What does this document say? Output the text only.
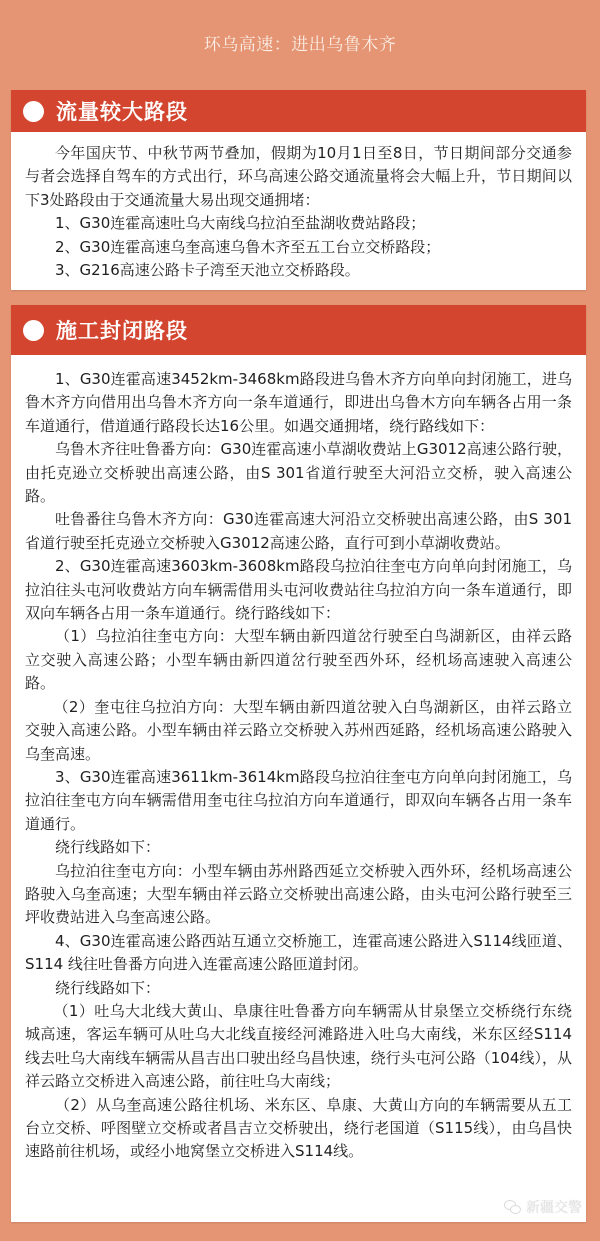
环乌高速：进出乌鲁木齐
流量较大路段

今年国庆节、中秋节两节叠加，假期为10月1日至8日，节日期间部分交通参与者会选择自驾车的方式出行，环乌高速公路交通流量将会大幅上升，节日期间以下3处路段由于交通流量大易出现交通拥堵：

1、G30连霍高速吐乌大南线乌拉泊至盐湖收费站路段；

2、G30连霍高速乌奎高速乌鲁木齐至五工台立交桥路段；

3、G216高速公路卡子湾至天池立交桥路段。

施工封闭路段

1、G30连霍高速3452km-3468km路段进乌鲁木齐方向单向封闭施工，进乌鲁木齐方向借用出乌鲁木齐方向一条车道通行，即进出乌鲁木方向车辆各占用一条车道通行，借道通行路段长达16公里。如遇交通拥堵，绕行路线如下：

乌鲁木齐往吐鲁番方向：G30连霍高速小草湖收费站上G3012高速公路行驶，由托克逊立交桥驶出高速公路，由S 301省道行驶至大河沿立交桥，驶入高速公路。

吐鲁番往乌鲁木齐方向：G30连霍高速大河沿立交桥驶出高速公路，由S 301省道行驶至托克逊立交桥驶入G3012高速公路，直行可到小草湖收费站。

2、G30连霍高速3603km-3608km路段乌拉泊往奎屯方向单向封闭施工，乌拉泊往头屯河收费站方向车辆需借用头屯河收费站往乌拉泊方向一条车道通行，即双向车辆各占用一条车道通行。绕行路线如下：

（1）乌拉泊往奎屯方向：大型车辆由新四道岔行驶至白鸟湖新区，由祥云路立交驶入高速公路；小型车辆由新四道岔行驶至西外环，经机场高速驶入高速公路。

（2）奎屯往乌拉泊方向：大型车辆由新四道岔驶入白鸟湖新区，由祥云路立交驶入高速公路。小型车辆由祥云路立交桥驶入苏州西延路，经机场高速公路驶入乌奎高速。

3、G30连霍高速3611km-3614km路段乌拉泊往奎屯方向单向封闭施工，乌拉泊往奎屯方向车辆需借用奎屯往乌拉泊方向车道通行，即双向车辆各占用一条车道通行。

绕行线路如下：

乌拉泊往奎屯方向：小型车辆由苏州路西延立交桥驶入西外环，经机场高速公路驶入乌奎高速；大型车辆由祥云路立交桥驶出高速公路，由头屯河公路行驶至三坪收费站进入乌奎高速公路。

4、G30连霍高速公路西站互通立交桥施工，连霍高速公路进入S114线匝道、S114 线往吐鲁番方向进入连霍高速公路匝道封闭。

绕行线路如下：

（1）吐乌大北线大黄山、阜康往吐鲁番方向车辆需从甘泉堡立交桥绕行东绕城高速，客运车辆可从吐乌大北线直接经河滩路进入吐乌大南线，米东区经S114线去吐乌大南线车辆需从昌吉出口驶出经乌昌快速，绕行头屯河公路（104线），从祥云路立交桥进入高速公路，前往吐乌大南线；

（2）从乌奎高速公路往机场、米东区、阜康、大黄山方向的车辆需要从五工台立交桥、呼图壁立交桥或者昌吉立交桥驶出，绕行老国道（S115线），由乌昌快速路前往机场，或经小地窝堡立交桥进入S114线。

新疆交警
